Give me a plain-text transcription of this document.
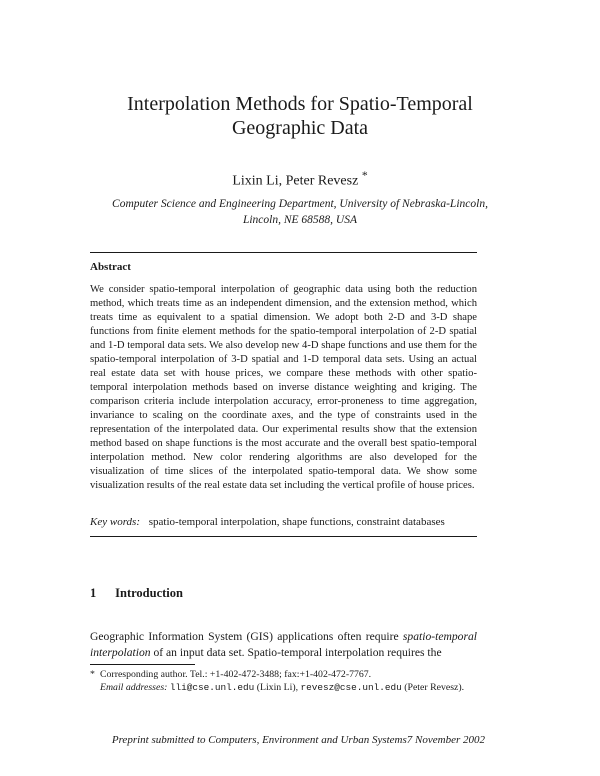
Interpolation Methods for Spatio-Temporal
Geographic Data
Lixin Li, Peter Revesz *
Computer Science and Engineering Department, University of Nebraska-Lincoln,
Lincoln, NE 68588, USA
Abstract

We consider spatio-temporal interpolation of geographic data using both the reduction method, which treats time as an independent dimension, and the extension method, which treats time as equivalent to a spatial dimension. We adopt both 2-D and 3-D shape functions from finite element methods for the spatio-temporal interpolation of 2-D spatial and 1-D temporal data sets. We also develop new 4-D shape functions and use them for the spatio-temporal interpolation of 3-D spatial and 1-D temporal data sets. Using an actual real estate data set with house prices, we compare these methods with other spatio-temporal interpolation methods based on inverse distance weighting and kriging. The comparison criteria include interpolation accuracy, error-proneness to time aggregation, invariance to scaling on the coordinate axes, and the type of constraints used in the representation of the interpolated data. Our experimental results show that the extension method based on shape functions is the most accurate and the overall best spatio-temporal interpolation method. New color rendering algorithms are also developed for the visualization of time slices of the interpolated spatio-temporal data. We show some visualization results of the real estate data set including the vertical profile of house prices.

Key words: spatio-temporal interpolation, shape functions, constraint databases
1 Introduction

Geographic Information System (GIS) applications often require spatio-temporal interpolation of an input data set. Spatio-temporal interpolation requires the

* Corresponding author. Tel.: +1-402-472-3488; fax:+1-402-472-7767.
Email addresses: lli@cse.unl.edu (Lixin Li), revesz@cse.unl.edu (Peter Revesz).

Preprint submitted to Computers, Environment and Urban Systems7 November 2002
